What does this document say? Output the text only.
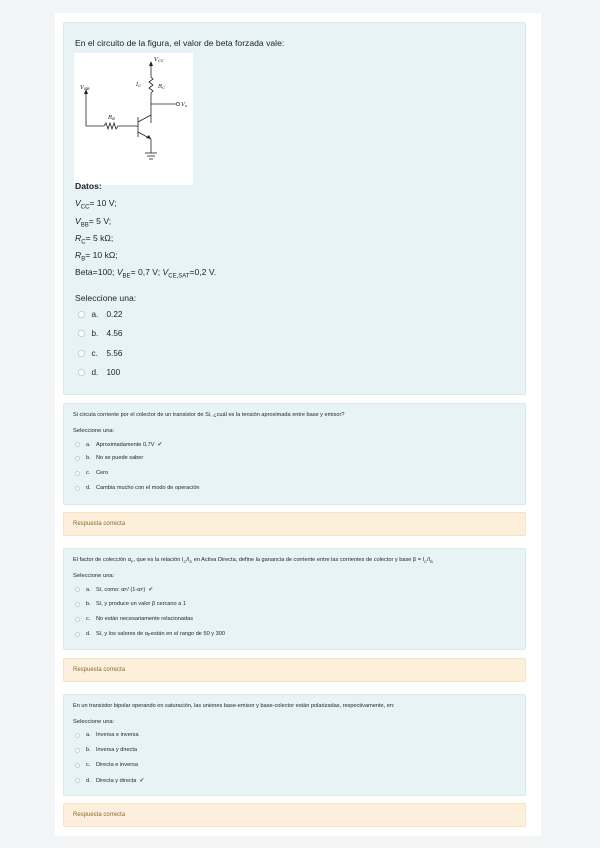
En el circuito de la figura, el valor de beta forzada vale:
VCC
VBB	RC
RB
IC
Vo
Datos:
$V_{CC}= 10$ V;
$V_{BB}= 5$ V;
$R_C= 5$ kΩ;
$R_B= 10$ kΩ;
Beta=100; $V_{BE}= 0,7$ V; $V_{CE,SAT}=0,2$ V.
Seleccione una:
a. 0.22
b. 4.56
c.	5.56
d. 100
Si circula corriente por el colector de un transistor de Si, ¿cuál es la tensión aproximada entre base y emisor?
Seleccione una:
a. Aproximadamente 0,7V ✔
b. No se puede saber
c.	Cero
d. Cambia mucho con el modo de operación
Respuesta correcta
El factor de colección $\alpha_F$, que es la relación $I_C/I_E$ en Activa Directa, define la ganancia de corriente entre las corrientes de colector y base $\beta = I_C/I_B$
Seleccione una:
a. Sí, como: α F / (1-α F ) ✔
b. Sí, y produce un valor β cercano a 1
c.	No están necesariamente relacionadas
d. Sí, y los valores de α F están en el rango de 50 y 300
Respuesta correcta
En un transistor bipolar operando en saturación, las uniones base-emisor y base-colector están polarizadas, respectivamente, en:
Seleccione una:
a. Inversa e inversa
b. Inversa y directa
c.	Directa e inversa
d. Directa y directa ✔
Respuesta correcta
